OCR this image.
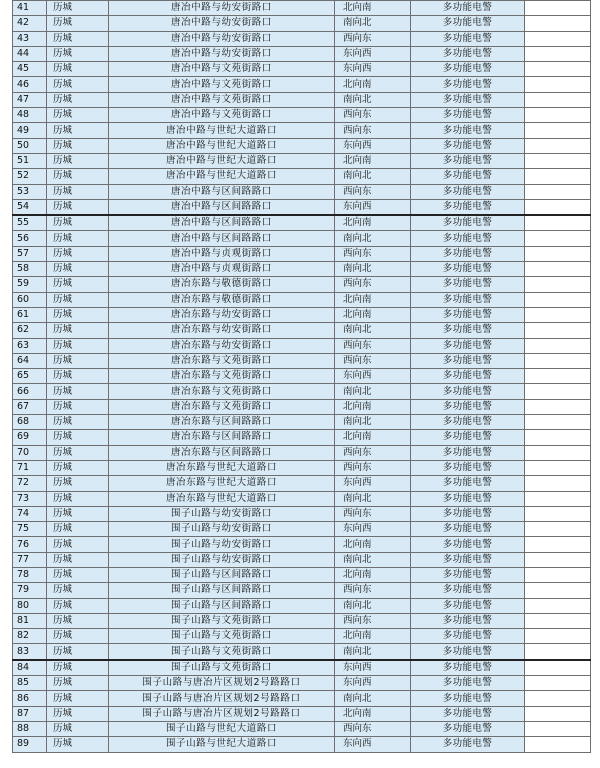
41	历城	唐冶中路与幼安街路口	北向南	多功能电警	
42	历城	唐冶中路与幼安街路口	南向北	多功能电警	
43	历城	唐冶中路与幼安街路口	西向东	多功能电警	
44	历城	唐冶中路与幼安街路口	东向西	多功能电警	
45	历城	唐冶中路与文苑街路口	东向西	多功能电警	
46	历城	唐冶中路与文苑街路口	北向南	多功能电警	
47	历城	唐冶中路与文苑街路口	南向北	多功能电警	
48	历城	唐冶中路与文苑街路口	西向东	多功能电警	
49	历城	唐冶中路与世纪大道路口	西向东	多功能电警	
50	历城	唐冶中路与世纪大道路口	东向西	多功能电警	
51	历城	唐冶中路与世纪大道路口	北向南	多功能电警	
52	历城	唐冶中路与世纪大道路口	南向北	多功能电警	
53	历城	唐冶中路与区间路路口	西向东	多功能电警	
54	历城	唐冶中路与区间路路口	东向西	多功能电警	
55	历城	唐冶中路与区间路路口	北向南	多功能电警	
56	历城	唐冶中路与区间路路口	南向北	多功能电警	
57	历城	唐冶中路与贞观街路口	西向东	多功能电警	
58	历城	唐冶中路与贞观街路口	南向北	多功能电警	
59	历城	唐冶东路与敬德街路口	西向东	多功能电警	
60	历城	唐冶东路与敬德街路口	北向南	多功能电警	
61	历城	唐冶东路与幼安街路口	北向南	多功能电警	
62	历城	唐冶东路与幼安街路口	南向北	多功能电警	
63	历城	唐冶东路与幼安街路口	西向东	多功能电警	
64	历城	唐冶东路与文苑街路口	西向东	多功能电警	
65	历城	唐冶东路与文苑街路口	东向西	多功能电警	
66	历城	唐冶东路与文苑街路口	南向北	多功能电警	
67	历城	唐冶东路与文苑街路口	北向南	多功能电警	
68	历城	唐冶东路与区间路路口	南向北	多功能电警	
69	历城	唐冶东路与区间路路口	北向南	多功能电警	
70	历城	唐冶东路与区间路路口	西向东	多功能电警	
71	历城	唐冶东路与世纪大道路口	西向东	多功能电警	
72	历城	唐冶东路与世纪大道路口	东向西	多功能电警	
73	历城	唐冶东路与世纪大道路口	南向北	多功能电警	
74	历城	围子山路与幼安街路口	西向东	多功能电警	
75	历城	围子山路与幼安街路口	东向西	多功能电警	
76	历城	围子山路与幼安街路口	北向南	多功能电警	
77	历城	围子山路与幼安街路口	南向北	多功能电警	
78	历城	围子山路与区间路路口	北向南	多功能电警	
79	历城	围子山路与区间路路口	西向东	多功能电警	
80	历城	围子山路与区间路路口	南向北	多功能电警	
81	历城	围子山路与文苑街路口	西向东	多功能电警	
82	历城	围子山路与文苑街路口	北向南	多功能电警	
83	历城	围子山路与文苑街路口	南向北	多功能电警	
84	历城	围子山路与文苑街路口	东向西	多功能电警	
85	历城	围子山路与唐冶片区规划2号路路口	东向西	多功能电警	
86	历城	围子山路与唐冶片区规划2号路路口	南向北	多功能电警	
87	历城	围子山路与唐冶片区规划2号路路口	北向南	多功能电警	
88	历城	围子山路与世纪大道路口	西向东	多功能电警	
89	历城	围子山路与世纪大道路口	东向西	多功能电警	
